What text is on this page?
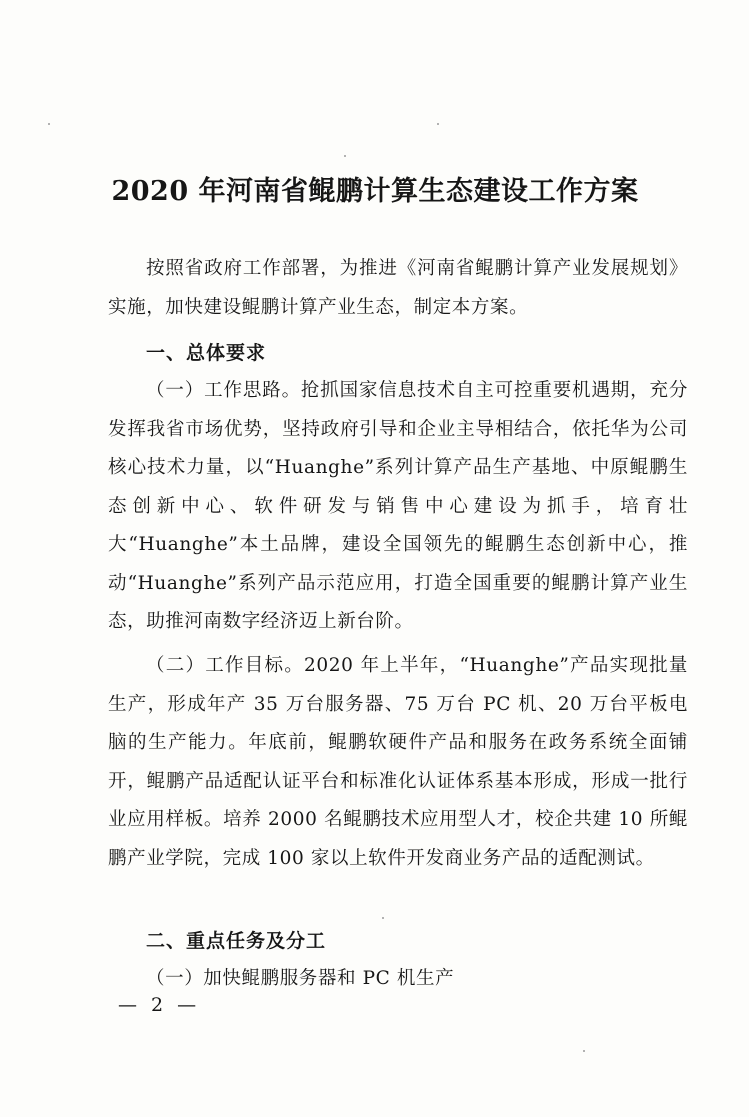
2020 年河南省鲲鹏计算生态建设工作方案

按照省政府工作部署，为推进《河南省鲲鹏计算产业发展规划》实施，加快建设鲲鹏计算产业生态，制定本方案。

一、总体要求

（一）工作思路。抢抓国家信息技术自主可控重要机遇期，充分发挥我省市场优势，坚持政府引导和企业主导相结合，依托华为公司核心技术力量，以“Huanghe”系列计算产品生产基地、中原鲲鹏生态创新中心、软件研发与销售中心建设为抓手，培育壮大“Huanghe”本土品牌，建设全国领先的鲲鹏生态创新中心，推动“Huanghe”系列产品示范应用，打造全国重要的鲲鹏计算产业生态，助推河南数字经济迈上新台阶。

（二）工作目标。2020 年上半年，“Huanghe”产品实现批量生产，形成年产 35 万台服务器、75 万台 PC 机、20 万台平板电脑的生产能力。年底前，鲲鹏软硬件产品和服务在政务系统全面铺开，鲲鹏产品适配认证平台和标准化认证体系基本形成，形成一批行业应用样板。培养 2000 名鲲鹏技术应用型人才，校企共建 10 所鲲鹏产业学院，完成 100 家以上软件开发商业务产品的适配测试。

二、重点任务及分工
（一）加快鲲鹏服务器和 PC 机生产
— 2 —
